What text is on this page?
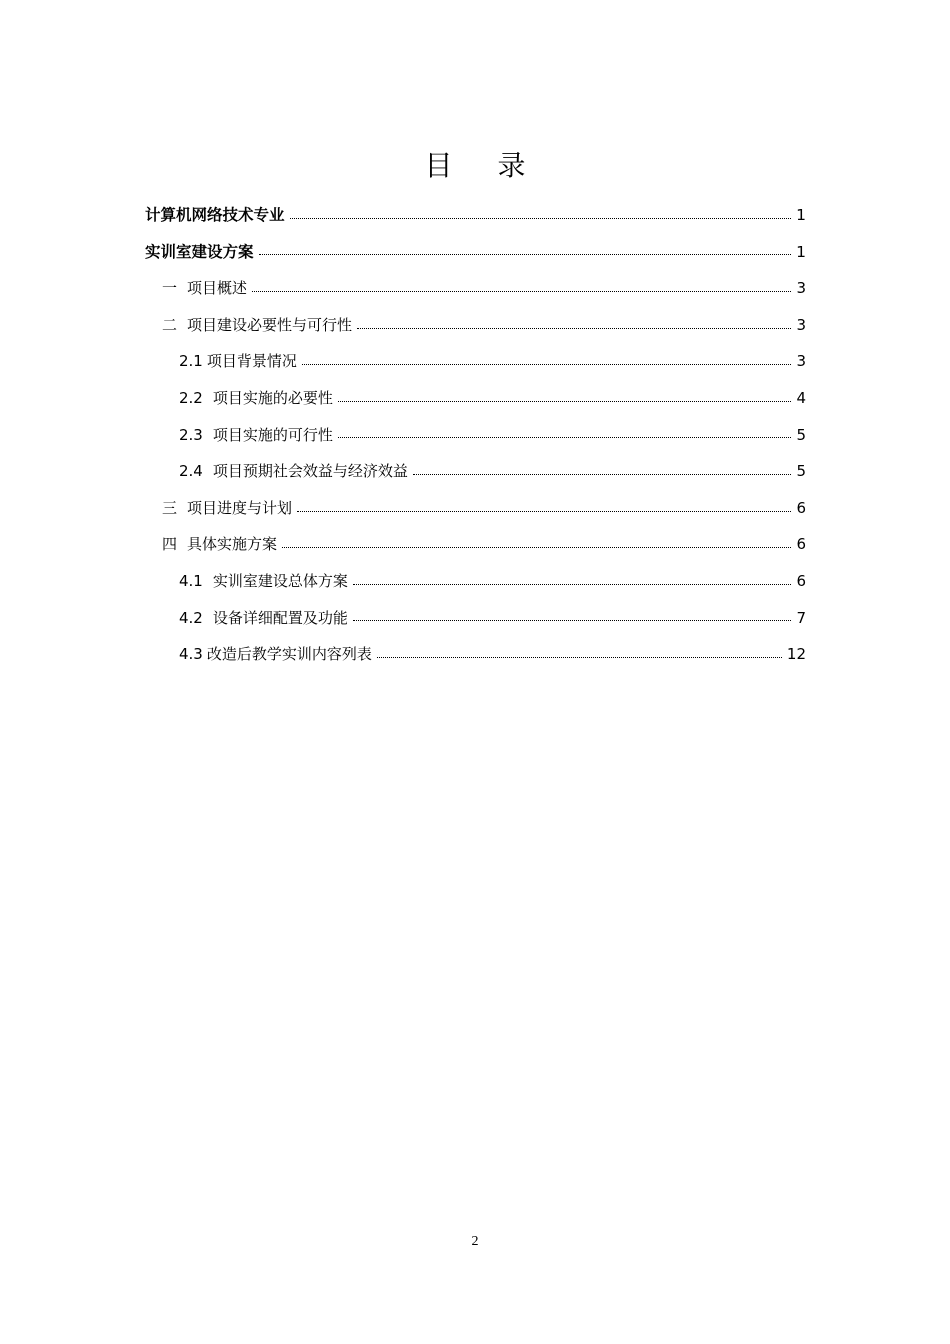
目 录
计算机网络技术专业	1
实训室建设方案	1
一 项目概述	3
二 项目建设必要性与可行性	3
2.1 项目背景情况	3
2.2 项目实施的必要性	4
2.3 项目实施的可行性	5
2.4 项目预期社会效益与经济效益	5
三 项目进度与计划	6
四 具体实施方案	6
4.1 实训室建设总体方案	6
4.2 设备详细配置及功能	7
4.3 改造后教学实训内容列表	12
2
